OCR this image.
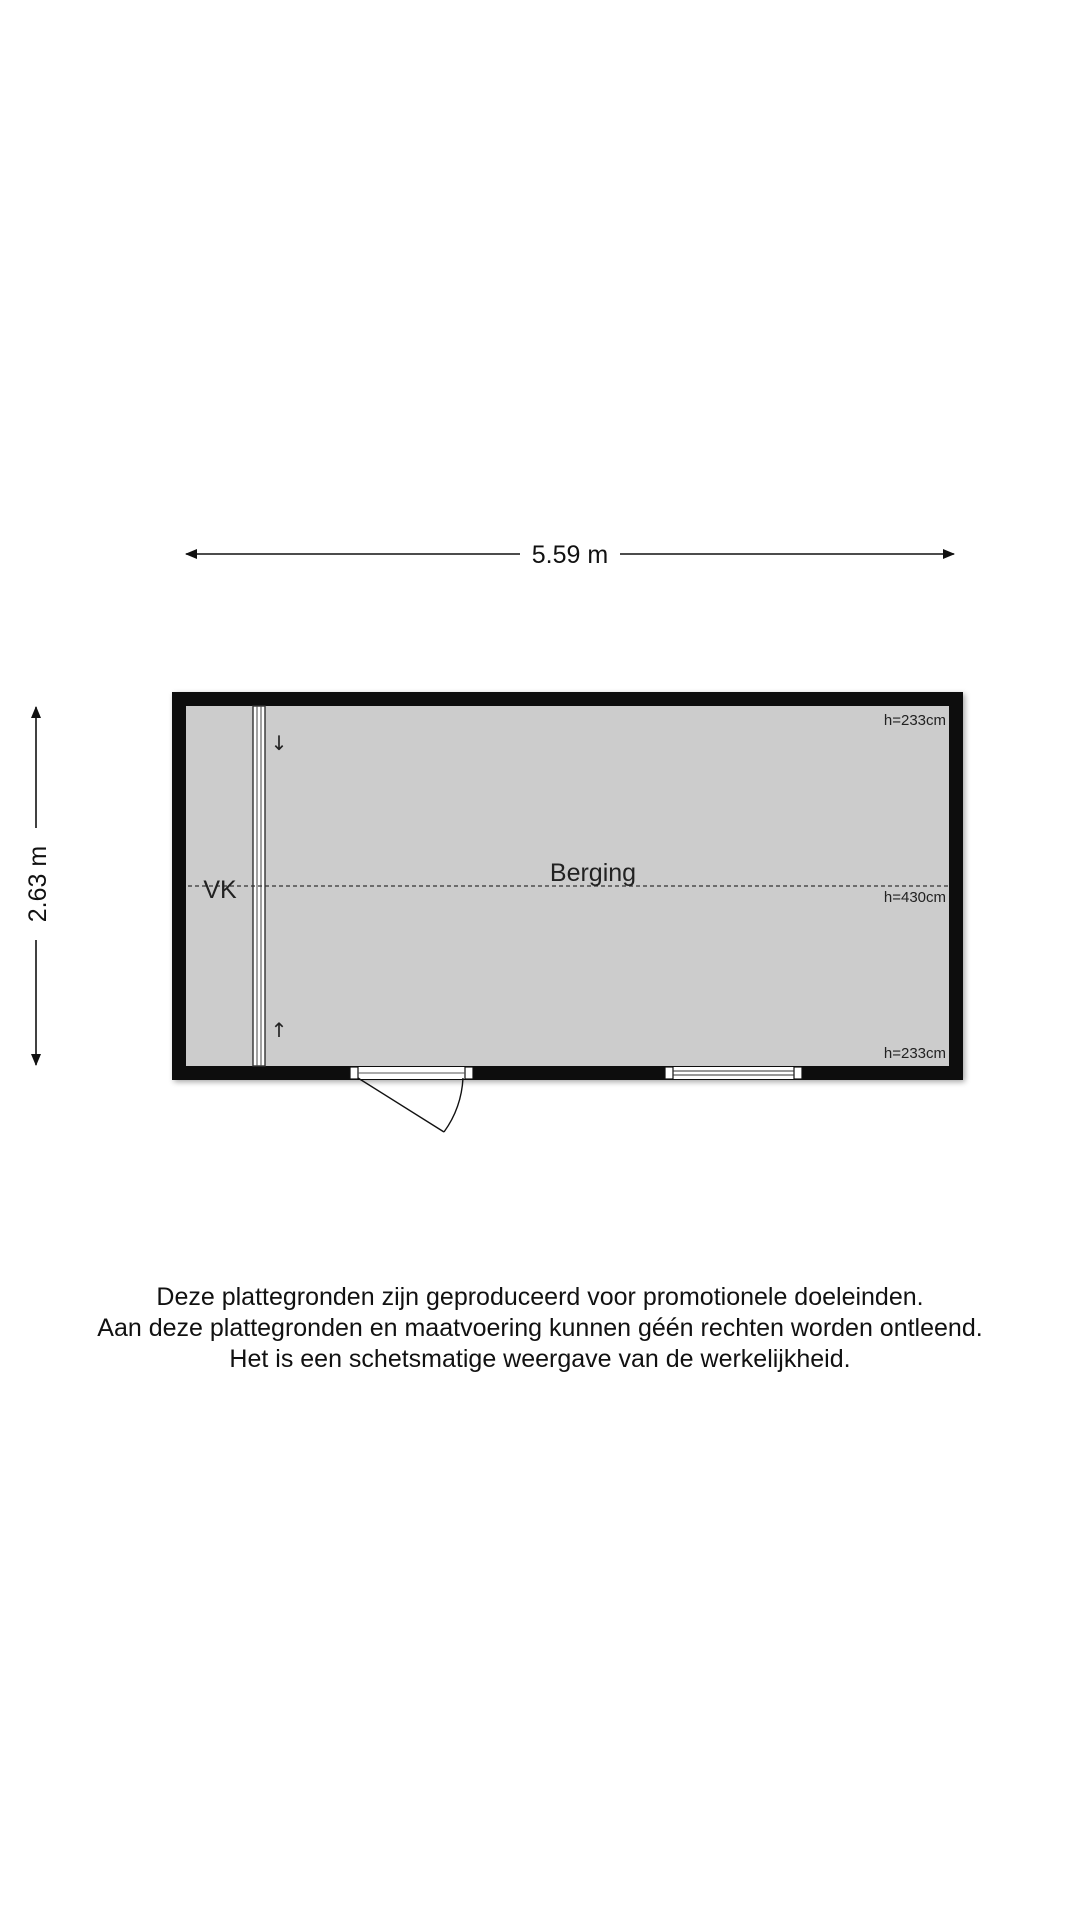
5.59 m
2.63 m	Berging
VK
h=233cm
h=430cm
h=233cm
↓
↑
Deze plattegronden zijn geproduceerd voor promotionele doeleinden.
Aan deze plattegronden en maatvoering kunnen géén rechten worden ontleend.
Het is een schetsmatige weergave van de werkelijkheid.
